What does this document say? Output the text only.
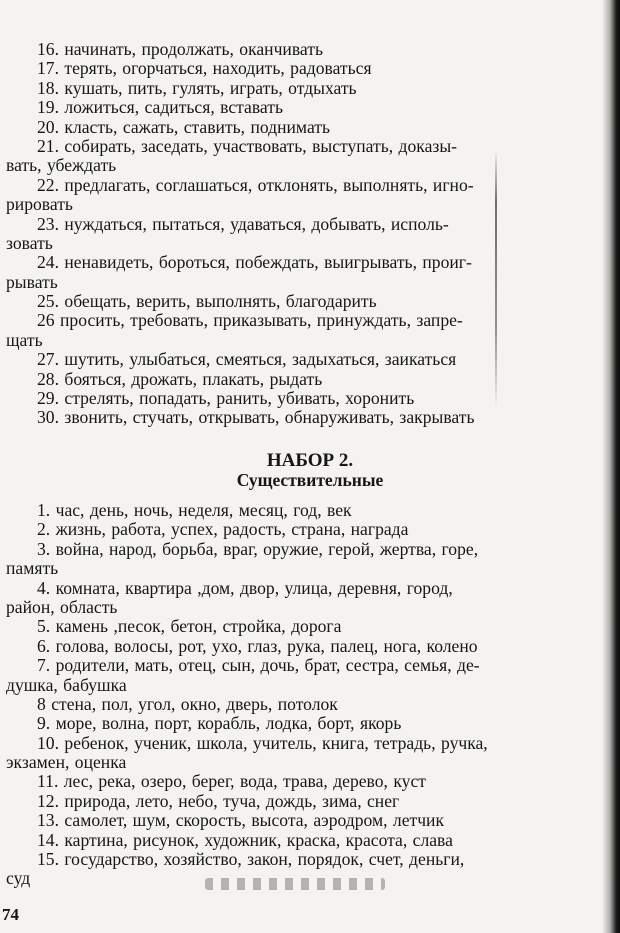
16. начинать, продолжать, оканчивать
17. терять, огорчаться, находить, радоваться
18. кушать, пить, гулять, играть, отдыхать
19. ложиться, садиться, вставать
20. класть, сажать, ставить, поднимать
21. собирать, заседать, участвовать, выступать, доказы-
вать, убеждать
22. предлагать, соглашаться, отклонять, выполнять, игно-
рировать
23. нуждаться, пытаться, удаваться, добывать, исполь-
зовать
24. ненавидеть, бороться, побеждать, выигрывать, проиг-
рывать
25. обещать, верить, выполнять, благодарить
26 просить, требовать, приказывать, принуждать, запре-
щать
27. шутить, улыбаться, смеяться, задыхаться, заикаться
28. бояться, дрожать, плакать, рыдать
29. стрелять, попадать, ранить, убивать, хоронить
30. звонить, стучать, открывать, обнаруживать, закрывать
НАБОР 2.
Существительные
1. час, день, ночь, неделя, месяц, год, век
2. жизнь, работа, успех, радость, страна, награда
3. война, народ, борьба, враг, оружие, герой, жертва, горе,
память
4. комната, квартира ,дом, двор, улица, деревня, город,
район, область
5. камень ,песок, бетон, стройка, дорога
6. голова, волосы, рот, ухо, глаз, рука, палец, нога, колено
7. родители, мать, отец, сын, дочь, брат, сестра, семья, де-
душка, бабушка
8 стена, пол, угол, окно, дверь, потолок
9. море, волна, порт, корабль, лодка, борт, якорь
10. ребенок, ученик, школа, учитель, книга, тетрадь, ручка,
экзамен, оценка
11. лес, река, озеро, берег, вода, трава, дерево, куст
12. природа, лето, небо, туча, дождь, зима, снег
13. самолет, шум, скорость, высота, аэродром, летчик
14. картина, рисунок, художник, краска, красота, слава
15. государство, хозяйство, закон, порядок, счет, деньги,
суд
74
